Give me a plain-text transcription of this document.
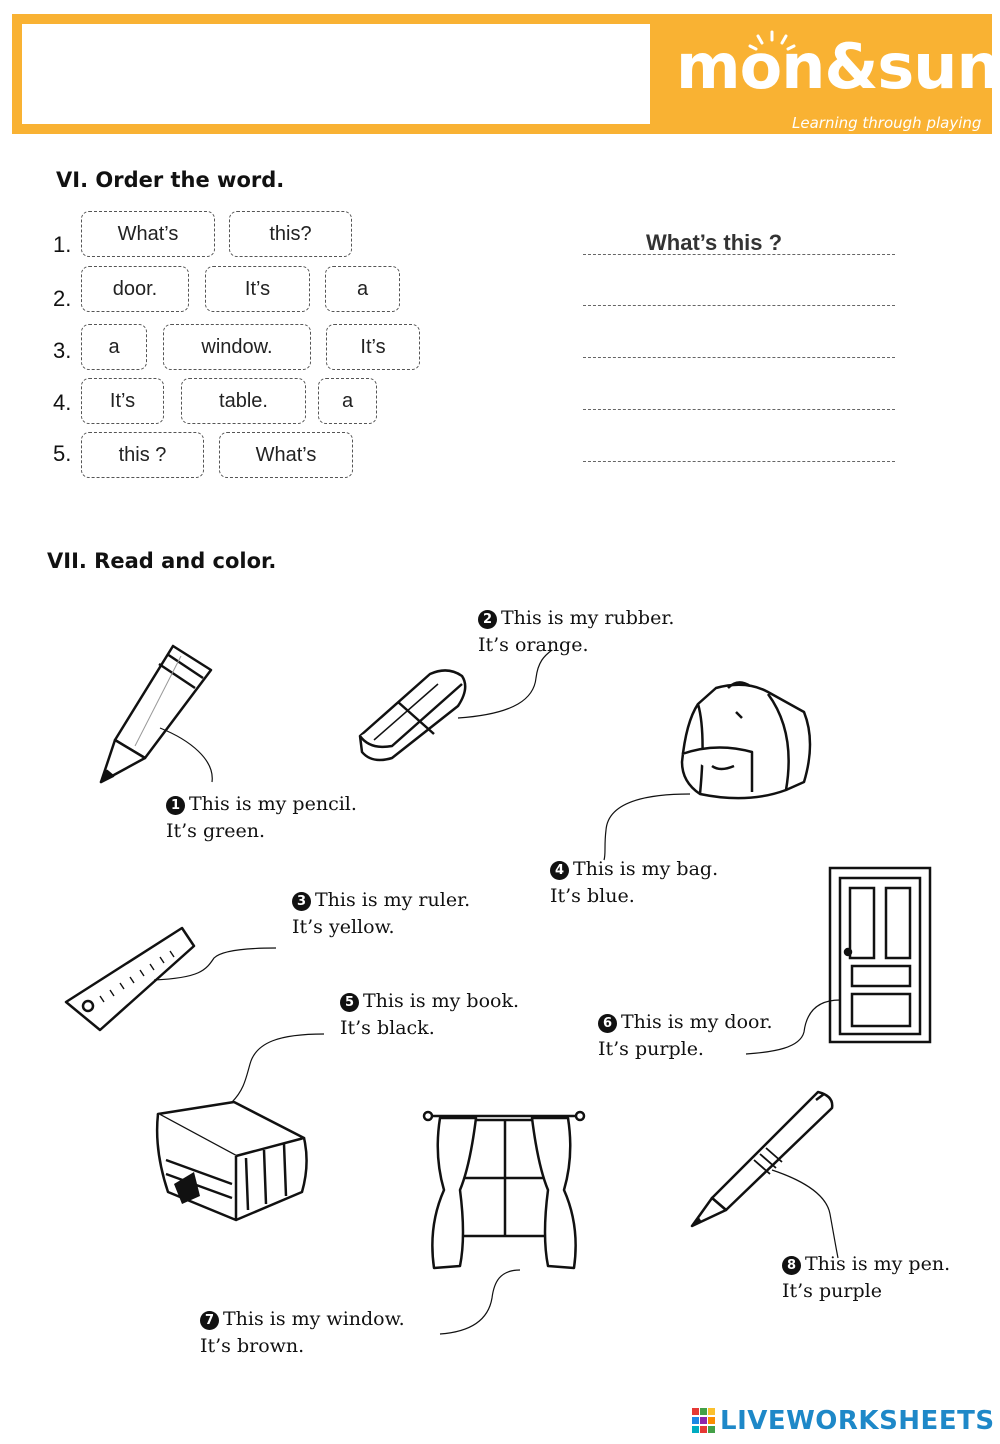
mon&sun
Learning through playing
VI. Order the word.
1.	What’s	this?
2.	door.	It’s	a
3.	a	window.	It’s
4.	It’s	table.	a
5.	this ?	What’s
What’s this ?
VII. Read and color.
1 This is my pencil.
It’s green.
2 This is my rubber.
It’s orange.
4 This is my bag.
It’s blue.
3 This is my ruler.
It’s yellow.
6 This is my door.
It’s purple.
5 This is my book.
It’s black.
7 This is my window.
It’s brown.
8 This is my pen.
It’s purple
LIVEWORKSHEETS
